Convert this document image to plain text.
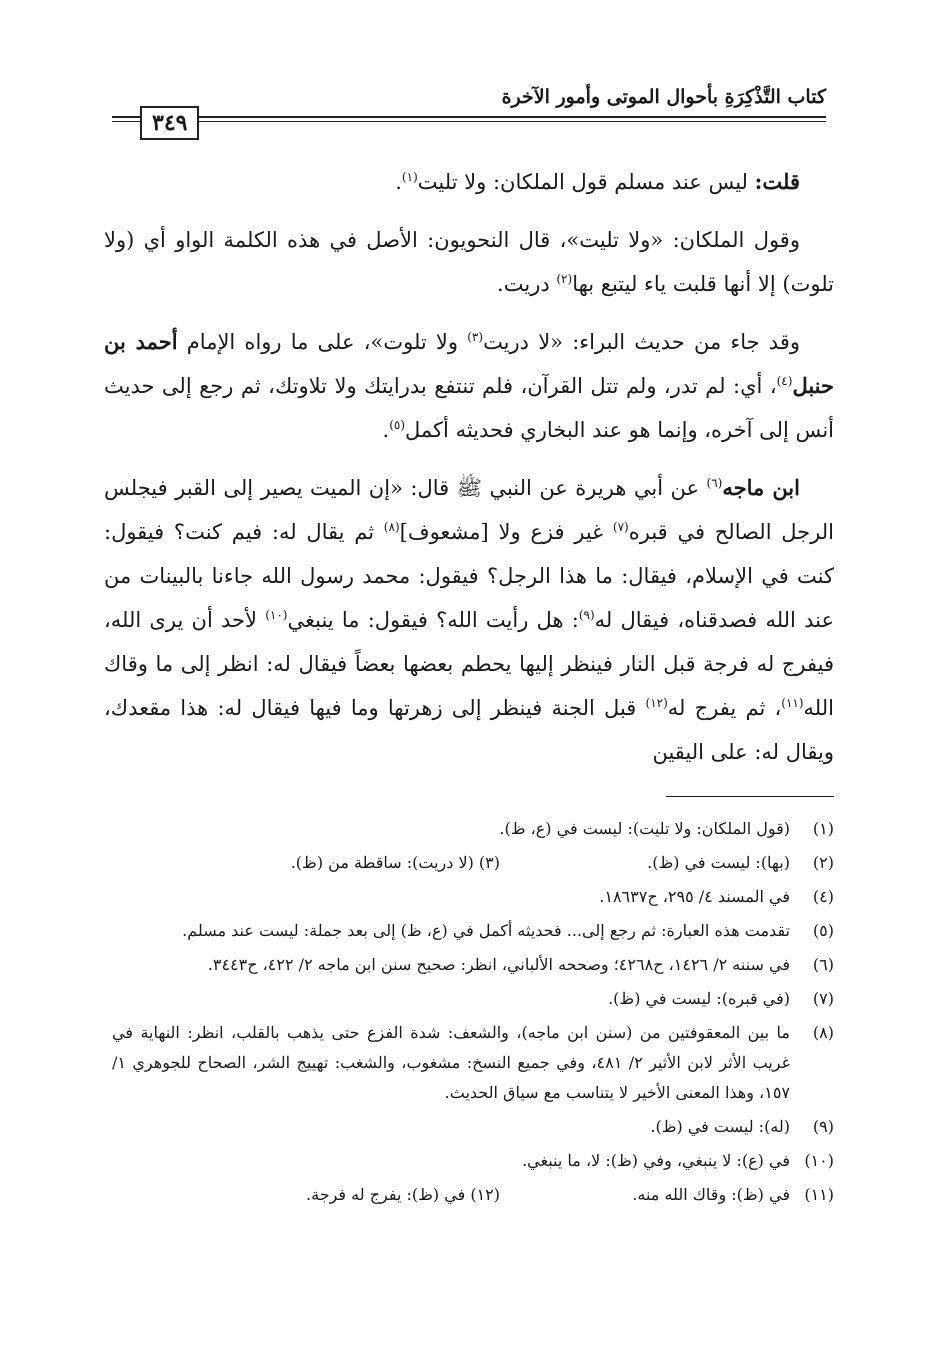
كتاب التَّذْكِرَةِ بأحوال الموتى وأمور الآخرة
٣٤٩

قلت: ليس عند مسلم قول الملكان: ولا تليت$^{(١)}$.

وقول الملكان: «ولا تليت»، قال النحويون: الأصل في هذه الكلمة الواو أي (ولا تلوت) إلا أنها قلبت ياء ليتبع بها$^{(٢)}$ دريت.

وقد جاء من حديث البراء: «لا دريت$^{(٣)}$ ولا تلوت»، على ما رواه الإمام أحمد بن حنبل$^{(٤)}$، أي: لم تدر، ولم تتل القرآن، فلم تنتفع بدرايتك ولا تلاوتك، ثم رجع إلى حديث أنس إلى آخره، وإنما هو عند البخاري فحديثه أكمل$^{(٥)}$.

ابن ماجه$^{(٦)}$ عن أبي هريرة عن النبي ﷺ قال: «إن الميت يصير إلى القبر فيجلس الرجل الصالح في قبره$^{(٧)}$ غير فزع ولا [مشعوف]$^{(٨)}$ ثم يقال له: فيم كنت؟ فيقول: كنت في الإسلام، فيقال: ما هذا الرجل؟ فيقول: محمد رسول الله جاءنا بالبينات من عند الله فصدقناه، فيقال له$^{(٩)}$: هل رأيت الله؟ فيقول: ما ينبغي$^{(١٠)}$ لأحد أن يرى الله، فيفرج له فرجة قبل النار فينظر إليها يحطم بعضها بعضاً فيقال له: انظر إلى ما وقاك الله$^{(١١)}$، ثم يفرج له$^{(١٢)}$ قبل الجنة فينظر إلى زهرتها وما فيها فيقال له: هذا مقعدك، ويقال له: على اليقين

(١)
(قول الملكان: ولا تليت): ليست في (ع، ظ).
(٢)
(بها): ليست في (ظ).
(٣) (لا دريت): ساقطة من (ظ).
(٤)
في المسند ٤/ ٢٩٥، ح١٨٦٣٧.
(٥)
تقدمت هذه العبارة: ثم رجع إلى... فحديثه أكمل في (ع، ظ) إلى بعد جملة: ليست عند مسلم.
(٦)
في سننه ٢/ ١٤٢٦، ح٤٢٦٨؛ وصححه الألباني، انظر: صحيح سنن ابن ماجه ٢/ ٤٢٢، ح٣٤٤٣.
(٧)
(في قبره): ليست في (ظ).
(٨)
ما بين المعقوفتين من (سنن ابن ماجه)، والشعف: شدة الفزع حتى يذهب بالقلب، انظر: النهاية في غريب الأثر لابن الأثير ٢/ ٤٨١، وفي جميع النسخ: مشغوب، والشغب: تهييج الشر، الصحاح للجوهري ١/ ١٥٧، وهذا المعنى الأخير لا يتناسب مع سياق الحديث.
(٩)
(له): ليست في (ظ).
(١٠)
في (ع): لا ينبغي، وفي (ظ): لا، ما ينبغي.
(١١)
في (ظ): وقاك الله منه.
(١٢) في (ظ): يفرج له فرجة.
